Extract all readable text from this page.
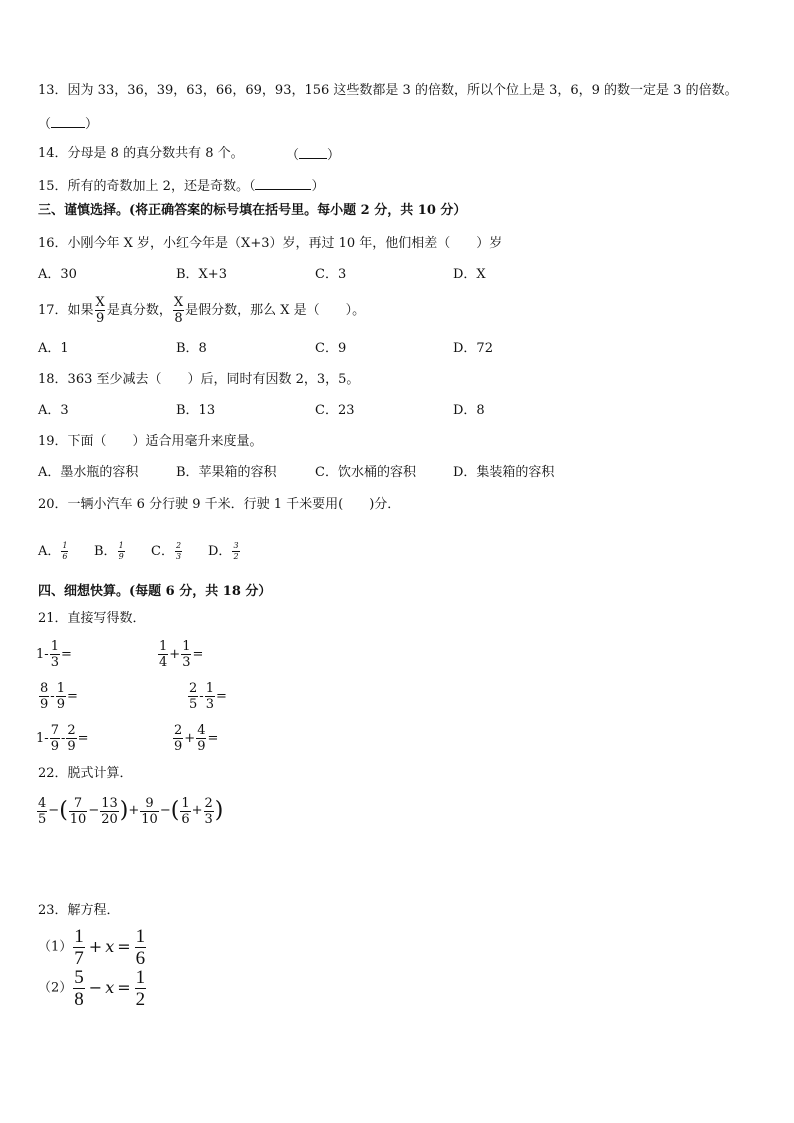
13．因为 33，36，39，63，66，69，93，156 这些数都是 3 的倍数，所以个位上是 3，6，9 的数一定是 3 的倍数。
（	）
14．分母是 8 的真分数共有 8 个。	（ ）
15．所有的奇数加上 2，还是奇数。（	）
三、谨慎选择。(将正确答案的标号填在括号里。每小题 2 分，共 10 分）
16．小刚今年 X 岁，小红今年是（X+3）岁，再过 10 年，他们相差（　　）岁
A．30	B．X+3	C．3	D．X
17．如果 $\frac{X}{9}$ 是真分数， $\frac{X}{8}$ 是假分数，那么 X 是（　　）。
A．1	B．8	C．9	D．72
18．363 至少减去（　　）后，同时有因数 2，3，5。
A．3	B．13	C．23	D．8
19．下面（　　）适合用毫升来度量。
A．墨水瓶的容积	B．苹果箱的容积	C．饮水桶的容积	D．集装箱的容积
20．一辆小汽车 6 分行驶 9 千米．行驶 1 千米要用(　　)分．
A． $\frac{1}{6}$ B． $\frac{1}{9}$ C． $\frac{2}{3}$ D． $\frac{3}{2}$
四、细想快算。(每题 6 分，共 18 分）
21．直接写得数．
$1- \frac{1}{3}$ =	$\frac{1}{4} + \frac{1}{3}$ =
$\frac{8}{9} - \frac{1}{9}$ =	$\frac{2}{5} - \frac{1}{3}$ =
$1- \frac{7}{9} - \frac{2}{9}$ =	$\frac{2}{9} + \frac{4}{9}$ =
22．脱式计算．
$\frac{4}{5}$ −( $\frac{7}{10} - \frac{13}{20}$ )+ $\frac{9}{10}$ −( $\frac{1}{6} + \frac{2}{3}$ )
23．解方程．
$(1) \frac{1}{7} + x = \frac{1}{6}$
$(2) \frac{5}{8} - x = \frac{1}{2}$
